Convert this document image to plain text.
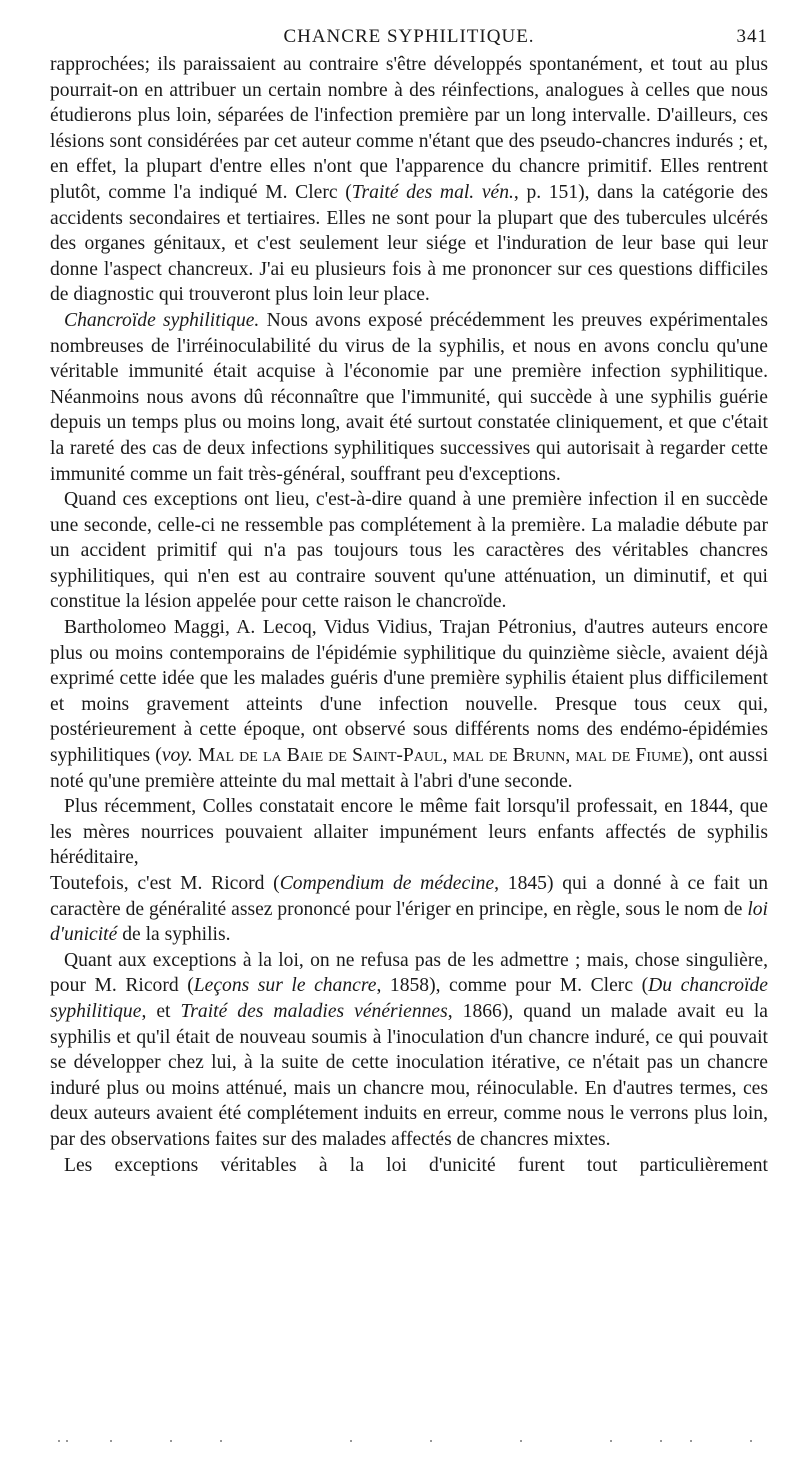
CHANCRE SYPHILITIQUE.	341

rapprochées; ils paraissaient au contraire s'être développés spontanément, et tout au plus pourrait-on en attribuer un certain nombre à des réinfections, analogues à celles que nous étudierons plus loin, séparées de l'infection première par un long intervalle. D'ailleurs, ces lésions sont considérées par cet auteur comme n'étant que des pseudo-chancres indurés ; et, en effet, la plupart d'entre elles n'ont que l'apparence du chancre primitif. Elles rentrent plutôt, comme l'a indiqué M. Clerc (Traité des mal. vén., p. 151), dans la catégorie des accidents secondaires et tertiaires. Elles ne sont pour la plupart que des tubercules ulcérés des organes génitaux, et c'est seulement leur siége et l'induration de leur base qui leur donne l'aspect chancreux. J'ai eu plusieurs fois à me prononcer sur ces questions difficiles de diagnostic qui trouveront plus loin leur place.

Chancroïde syphilitique. Nous avons exposé précédemment les preuves expérimentales nombreuses de l'irréinoculabilité du virus de la syphilis, et nous en avons conclu qu'une véritable immunité était acquise à l'économie par une première infection syphilitique. Néanmoins nous avons dû réconnaître que l'immunité, qui succède à une syphilis guérie depuis un temps plus ou moins long, avait été surtout constatée cliniquement, et que c'était la rareté des cas de deux infections syphilitiques successives qui autorisait à regarder cette immunité comme un fait très-général, souffrant peu d'exceptions.

Quand ces exceptions ont lieu, c'est-à-dire quand à une première infection il en succède une seconde, celle-ci ne ressemble pas complétement à la première. La maladie débute par un accident primitif qui n'a pas toujours tous les caractères des véritables chancres syphilitiques, qui n'en est au contraire souvent qu'une atténuation, un diminutif, et qui constitue la lésion appelée pour cette raison le chancroïde.

Bartholomeo Maggi, A. Lecoq, Vidus Vidius, Trajan Pétronius, d'autres auteurs encore plus ou moins contemporains de l'épidémie syphilitique du quinzième siècle, avaient déjà exprimé cette idée que les malades guéris d'une première syphilis étaient plus difficilement et moins gravement atteints d'une infection nouvelle. Presque tous ceux qui, postérieurement à cette époque, ont observé sous différents noms des endémo-épidémies syphilitiques (voy. Mal de la Baie de Saint-Paul, mal de Brunn, mal de Fiume), ont aussi noté qu'une première atteinte du mal mettait à l'abri d'une seconde.

Plus récemment, Colles constatait encore le même fait lorsqu'il professait, en 1844, que les mères nourrices pouvaient allaiter impunément leurs enfants affectés de syphilis héréditaire,

Toutefois, c'est M. Ricord (Compendium de médecine, 1845) qui a donné à ce fait un caractère de généralité assez prononcé pour l'ériger en principe, en règle, sous le nom de loi d'unicité de la syphilis.

Quant aux exceptions à la loi, on ne refusa pas de les admettre ; mais, chose singulière, pour M. Ricord (Leçons sur le chancre, 1858), comme pour M. Clerc (Du chancroïde syphilitique, et Traité des maladies vénériennes, 1866), quand un malade avait eu la syphilis et qu'il était de nouveau soumis à l'inoculation d'un chancre induré, ce qui pouvait se développer chez lui, à la suite de cette inoculation itérative, ce n'était pas un chancre induré plus ou moins atténué, mais un chancre mou, réinoculable. En d'autres termes, ces deux auteurs avaient été complétement induits en erreur, comme nous le verrons plus loin, par des observations faites sur des malades affectés de chancres mixtes.

Les exceptions véritables à la loi d'unicité furent tout particulièrement
